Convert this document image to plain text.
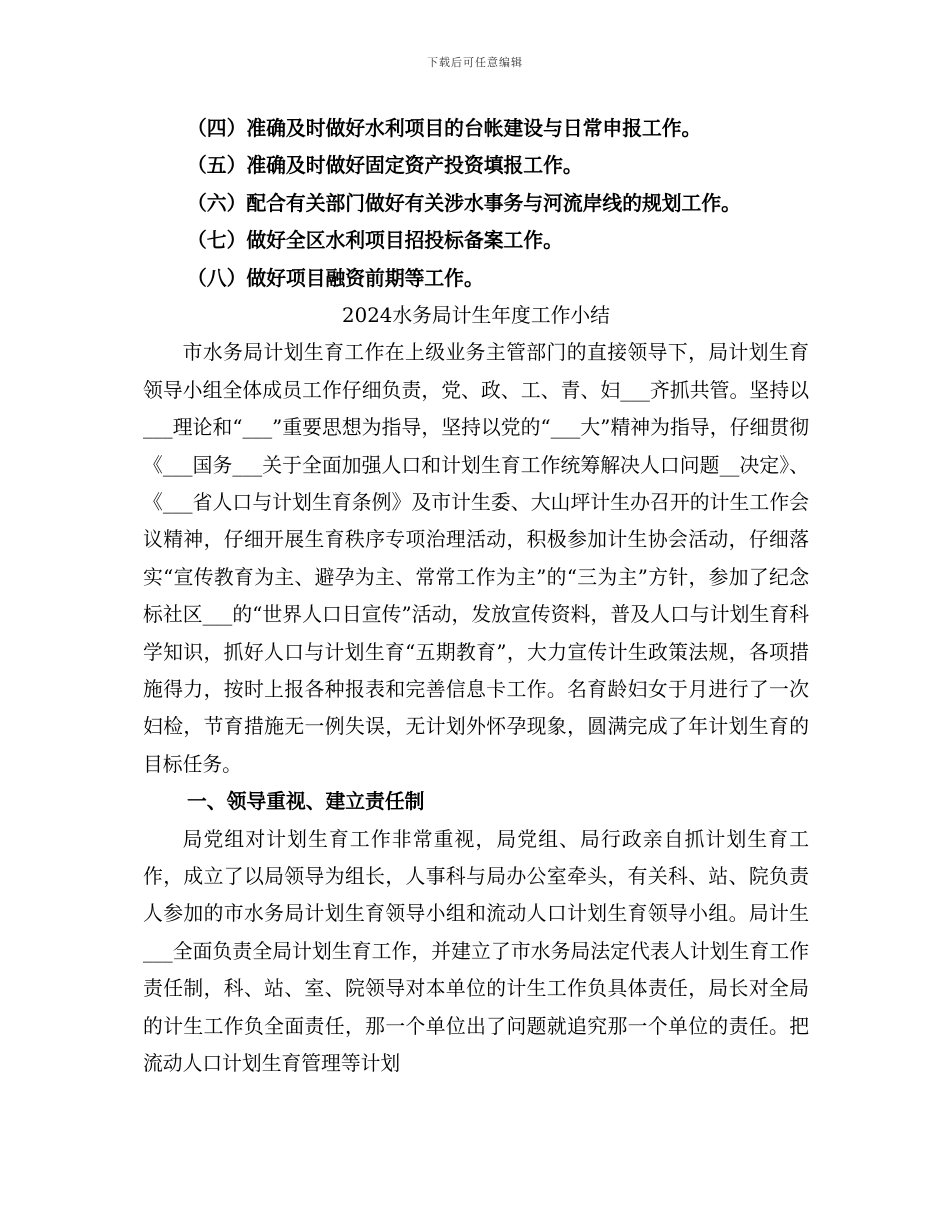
下载后可任意编辑
（四）准确及时做好水利项目的台帐建设与日常申报工作。
（五）准确及时做好固定资产投资填报工作。
（六）配合有关部门做好有关涉水事务与河流岸线的规划工作。
（七）做好全区水利项目招投标备案工作。
（八）做好项目融资前期等工作。
2024水务局计生年度工作小结

市水务局计划生育工作在上级业务主管部门的直接领导下，局计划生育领导小组全体成员工作仔细负责，党、政、工、青、妇___齐抓共管。坚持以___理论和“___”重要思想为指导，坚持以党的“___大”精神为指导，仔细贯彻《___国务___关于全面加强人口和计划生育工作统筹解决人口问题__决定》、《___省人口与计划生育条例》及市计生委、大山坪计生办召开的计生工作会议精神，仔细开展生育秩序专项治理活动，积极参加计生协会活动，仔细落实“宣传教育为主、避孕为主、常常工作为主”的“三为主”方针，参加了纪念标社区___的“世界人口日宣传”活动，发放宣传资料，普及人口与计划生育科学知识，抓好人口与计划生育“五期教育”，大力宣传计生政策法规，各项措施得力，按时上报各种报表和完善信息卡工作。名育龄妇女于月进行了一次妇检，节育措施无一例失误，无计划外怀孕现象，圆满完成了年计划生育的目标任务。

一、领导重视、建立责任制

局党组对计划生育工作非常重视，局党组、局行政亲自抓计划生育工作，成立了以局领导为组长，人事科与局办公室牵头，有关科、站、院负责人参加的市水务局计划生育领导小组和流动人口计划生育领导小组。局计生___全面负责全局计划生育工作，并建立了市水务局法定代表人计划生育工作责任制，科、站、室、院领导对本单位的计生工作负具体责任，局长对全局的计生工作负全面责任，那一个单位出了问题就追究那一个单位的责任。把流动人口计划生育管理等计划
